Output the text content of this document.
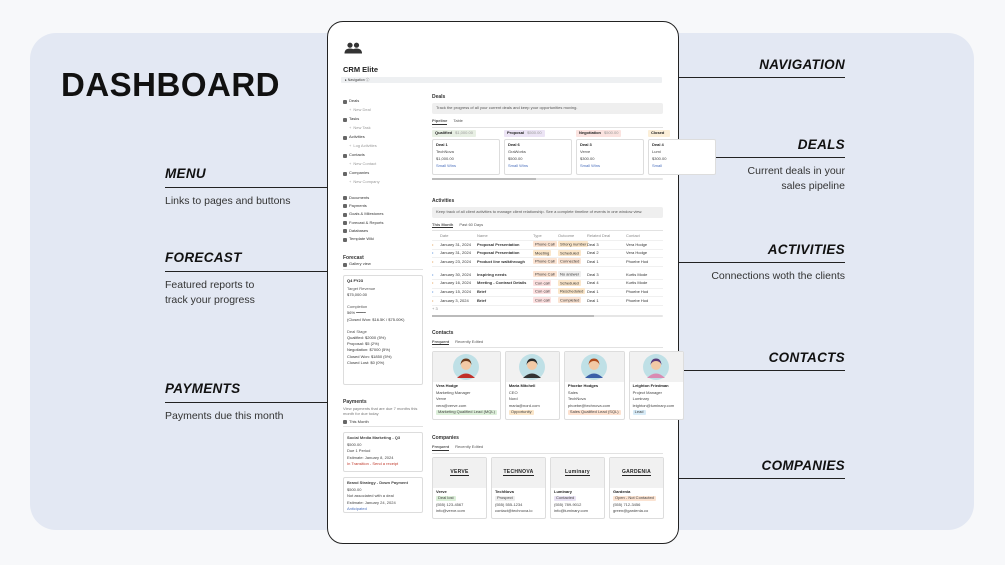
DASHBOARD
MENU
Links to pages and buttons
FORECAST
Featured reports to
track your progress
PAYMENTS
Payments due this month
NAVIGATION
DEALS
Current deals in your
sales pipeline
ACTIVITIES
Connections woth the clients
CONTACTS
COMPANIES
CRM Elite
▸ Navigation ⓘ
Deals
+ New Deal
Tasks
+ New Task
Activities
+ Log Activities
Contacts
+ New Contact
Companies
+ New Company
Documents
Payments
Goals & Milestones
Forecast & Reports
Databases
Template Wiki
Forecast
Gallery view
Q4 FY23
Target Revenue
$75,000.00
Completion
56% ━━━━
(Closed Won: $16.5K / $75.00K)
Deal Stage
Qualified: $2000 (5%)
Proposal: $5 (2%)
Negotiation: $7000 (5%)
Closed Won: $1850 (5%)
Closed Lost: $0 (0%)
Payments
View payments that are due 7 months this month for due today
This Month
Social Media Marketing - Q3
$500.00
Due 1 Period
Estimate: January 8, 2024
In Transition - Send a receipt
Brand Strategy - Down Payment
$500.00
Not associated with a deal
Estimate: January 24, 2024
Anticipated
Deals
Track the progress of all your current deals and keep your opportunities moving.
Pipeline Table
Qualified $1,000.00
Deal 1
TechNova
$1,000.00
Small Wins
Proposal $500.00
Deal 6
GraWorks
$500.00
Small Wins
Negotiation $500.00
Deal 3
Verve
$300.00
Small Wins
Closed
Deal 4
Lumi
$300.00
Small
Activities
Keep track of all client activities to manage client relationship. See a complete timeline of events in one window view.
This Month Past 60 Days
Date	Name	Type	Outcome	Related Deal	Contact
•	January 31, 2024	Proposal Presentation	Phone Call	Strong number Deal 3	Vera Hodge
•	January 31, 2024	Proposal Presentation	Meeting	Scheduled	Deal 2	Vera Hodge
•	January 23, 2024	Product line walkthrough	Phone Call	Connected	Deal 1	Phoebe Hod
•	January 30, 2024	Inspiring needs	Phone Call	No answer	Deal 3	Kurtis Mode
•	January 16, 2024	Meeting - Contract Details	Con call	Scheduled	Deal 4	Kurtis Mode
•	January 15, 2024	Brief	Con call	Rescheduled Deal 1	Phoebe Hod
•	January 3, 2024	Brief	Con call	Completed	Deal 1	Phoebe Hod
+ 3
Contacts
Frequent Recently Edited
Vera Hodge
Marketing Manager
Verve
vera@verve.com
Marketing Qualified Lead (MQL)
Maria Mitchell
CEO
Nord
maria@nord.com
Opportunity
Phoebe Hodges
Sales
TechNova
phoebe@technova.com
Sales Qualified Lead (SQL)
Leighton Friedman
Project Manager
Luminary
leighton@luminary.com
Lead
Companies
Frequent Recently Edited
VERVE
Verve
Deal lost
(555) 123-4567
info@verve.com
TECHNOVA
TechNova
Prospect
(555) 555-1234
contact@technova.io
Luminary
Luminary
Contacted
(555) 789-9012
info@luminary.com
GARDENIA
Gardenia
Open - Not Contacted
(555) 712-3456
green@gardenia.co
